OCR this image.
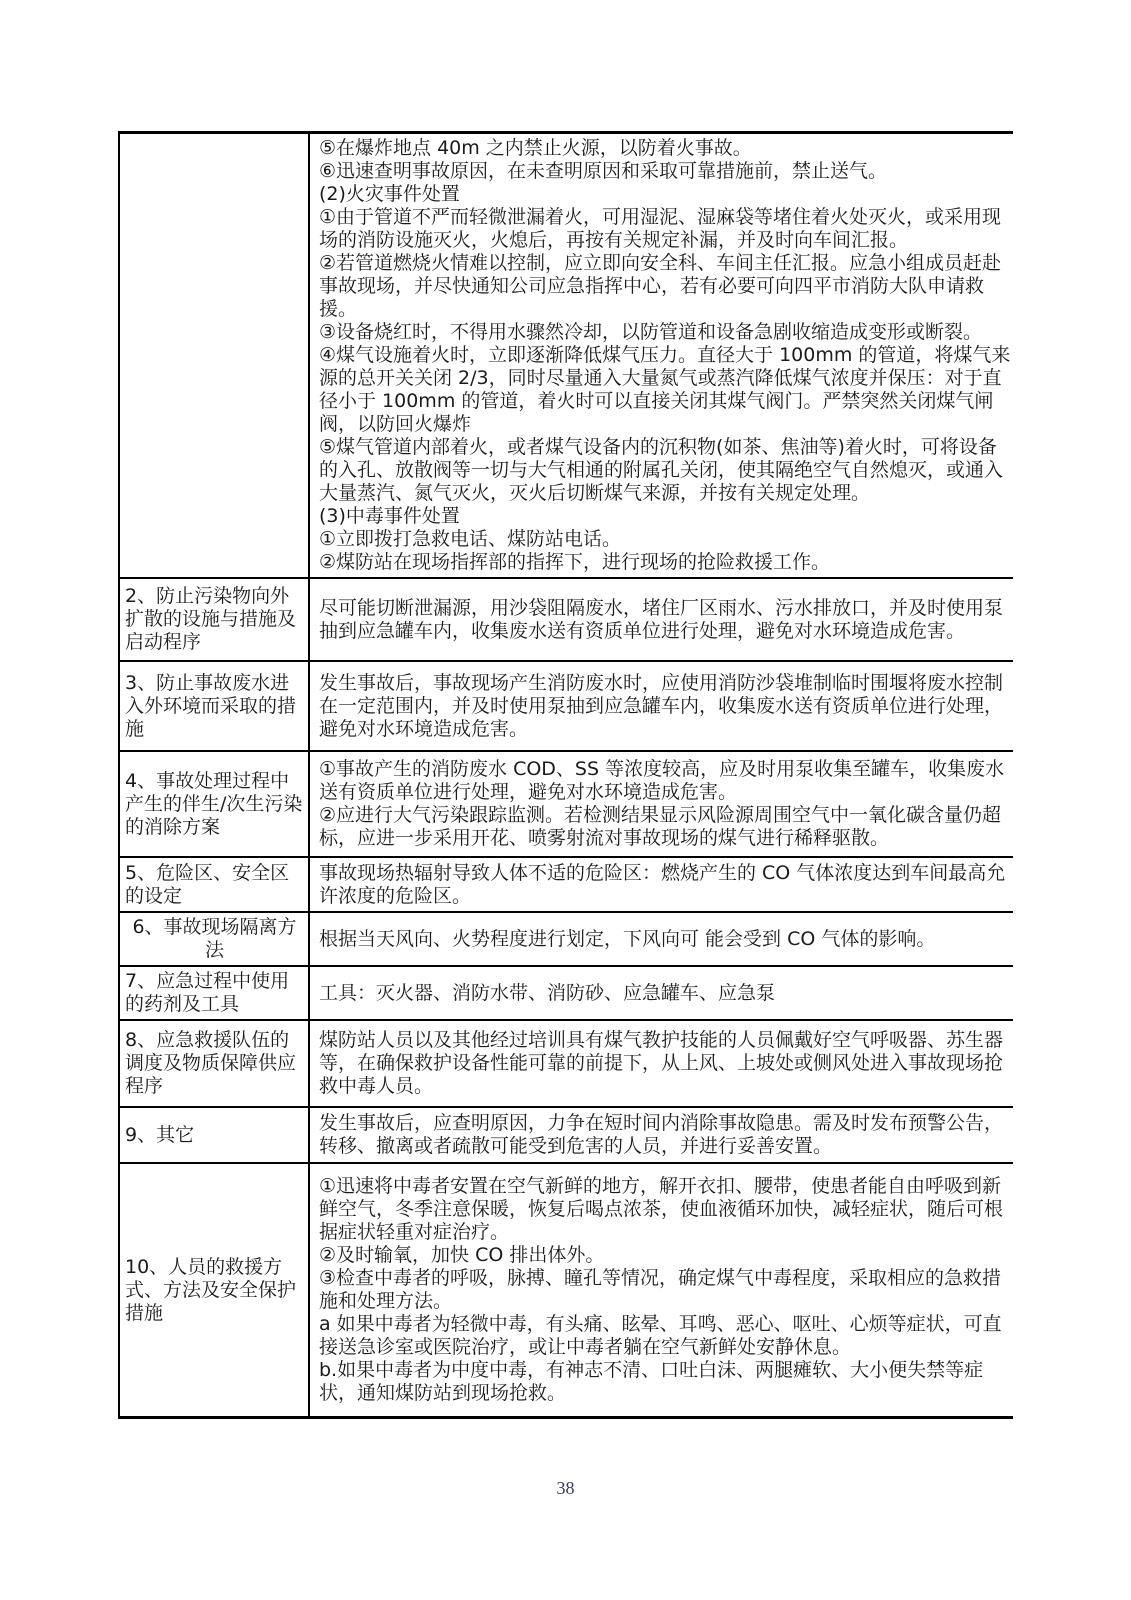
⑤在爆炸地点 40m 之内禁止火源，以防着火事故。
⑥迅速查明事故原因，在未查明原因和采取可靠措施前，禁止送气。
(2)火灾事件处置
①由于管道不严而轻微泄漏着火，可用湿泥、湿麻袋等堵住着火处灭火，或采用现场的消防设施灭火，火熄后，再按有关规定补漏，并及时向车间汇报。
②若管道燃烧火情难以控制，应立即向安全科、车间主任汇报。应急小组成员赶赴事故现场，并尽快通知公司应急指挥中心，若有必要可向四平市消防大队申请救援。
③设备烧红时，不得用水骤然冷却，以防管道和设备急剧收缩造成变形或断裂。
④煤气设施着火时，立即逐渐降低煤气压力。直径大于 100mm 的管道，将煤气来源的总开关关闭 2/3，同时尽量通入大量氮气或蒸汽降低煤气浓度并保压：对于直径小于 100mm 的管道，着火时可以直接关闭其煤气阀门。严禁突然关闭煤气闸阀，以防回火爆炸
⑤煤气管道内部着火，或者煤气设备内的沉积物(如茶、焦油等)着火时，可将设备的入孔、放散阀等一切与大气相通的附属孔关闭，使其隔绝空气自然熄灭，或通入大量蒸汽、氮气灭火，灭火后切断煤气来源，并按有关规定处理。
(3)中毒事件处置
①立即拨打急救电话、煤防站电话。
②煤防站在现场指挥部的指挥下，进行现场的抢险救援工作。
2、防止污染物向外扩散的设施与措施及启动程序
尽可能切断泄漏源，用沙袋阻隔废水，堵住厂区雨水、污水排放口，并及时使用泵抽到应急罐车内，收集废水送有资质单位进行处理，避免对水环境造成危害。
3、防止事故废水进入外环境而采取的措施
发生事故后，事故现场产生消防废水时，应使用消防沙袋堆制临时围堰将废水控制在一定范围内，并及时使用泵抽到应急罐车内，收集废水送有资质单位进行处理，避免对水环境造成危害。
4、事故处理过程中产生的伴生/次生污染的消除方案
①事故产生的消防废水 COD、SS 等浓度较高，应及时用泵收集至罐车，收集废水送有资质单位进行处理，避免对水环境造成危害。
②应进行大气污染跟踪监测。若检测结果显示风险源周围空气中一氧化碳含量仍超标，应进一步采用开花、喷雾射流对事故现场的煤气进行稀释驱散。
5、危险区、安全区的设定
事故现场热辐射导致人体不适的危险区：燃烧产生的 CO 气体浓度达到车间最高允许浓度的危险区。
6、事故现场隔离方法
根据当天风向、火势程度进行划定，下风向可 能会受到 CO 气体的影响。
7、应急过程中使用的药剂及工具
工具：灭火器、消防水带、消防砂、应急罐车、应急泵
8、应急救援队伍的调度及物质保障供应程序
煤防站人员以及其他经过培训具有煤气教护技能的人员佩戴好空气呼吸器、苏生器等，在确保救护设备性能可靠的前提下，从上风、上坡处或侧风处进入事故现场抢救中毒人员。
9、其它
发生事故后，应查明原因，力争在短时间内消除事故隐患。需及时发布预警公告，转移、撤离或者疏散可能受到危害的人员，并进行妥善安置。
10、人员的救援方式、方法及安全保护措施
①迅速将中毒者安置在空气新鲜的地方，解开衣扣、腰带，使患者能自由呼吸到新鲜空气，冬季注意保暖，恢复后喝点浓茶，使血液循环加快，减轻症状，随后可根据症状轻重对症治疗。
②及时输氧，加快 CO 排出体外。
③检查中毒者的呼吸，脉搏、瞳孔等情况，确定煤气中毒程度，采取相应的急救措施和处理方法。
a 如果中毒者为轻微中毒，有头痛、眩晕、耳鸣、恶心、呕吐、心烦等症状，可直接送急诊室或医院治疗，或让中毒者躺在空气新鲜处安静休息。
b.如果中毒者为中度中毒，有神志不清、口吐白沫、两腿瘫软、大小便失禁等症状，通知煤防站到现场抢救。
38
